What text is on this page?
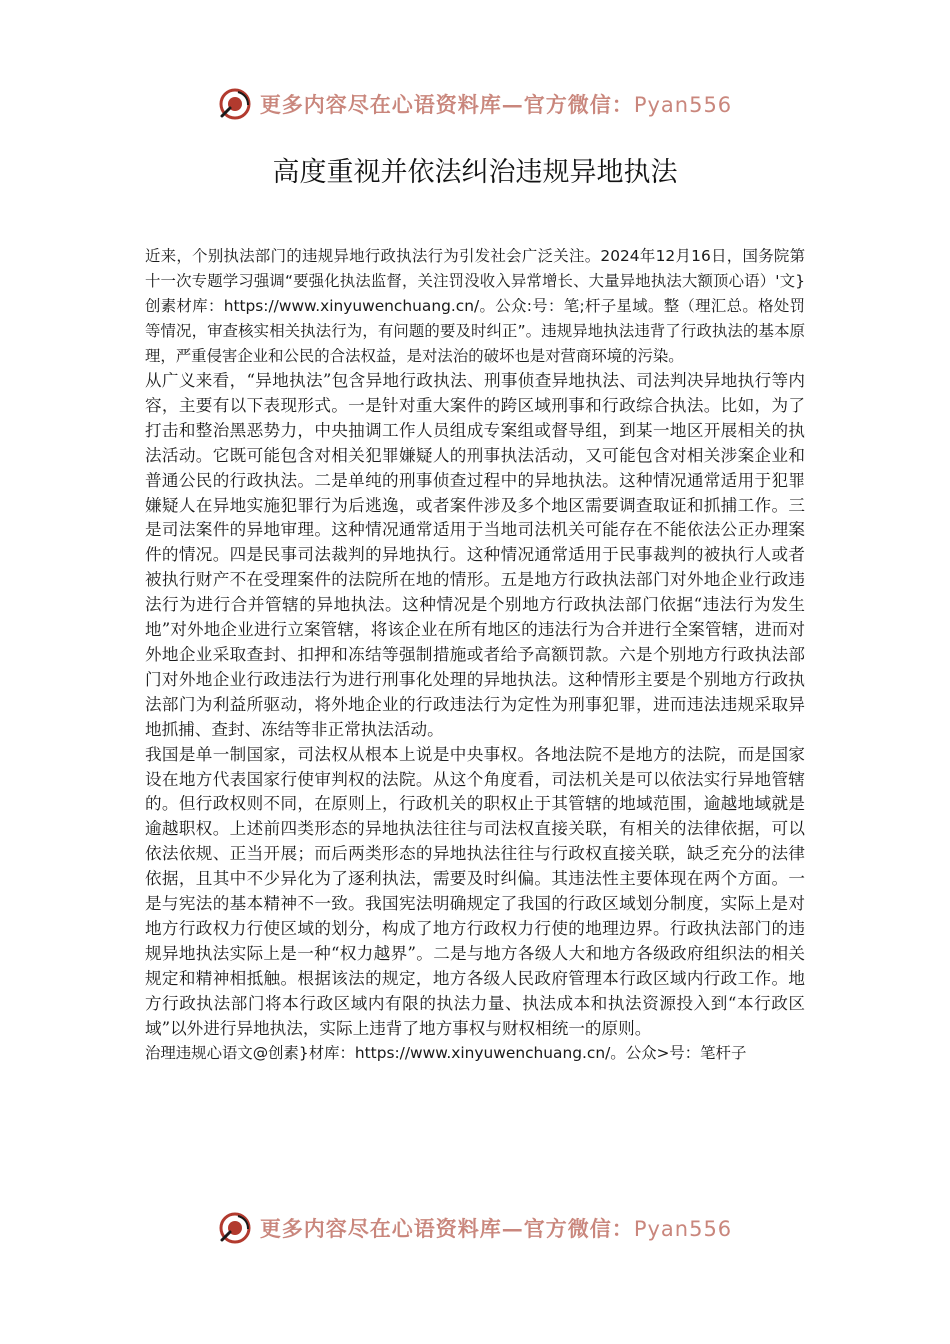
更多内容尽在心语资料库—官方微信：Pyan556
高度重视并依法纠治违规异地执法

近来，个别执法部门的违规异地行政执法行为引发社会广泛关注。2024年12月16日，国务院第十一次专题学习强调“要强化执法监督，关注罚没收入异常增长、大量异地执法大额顶心语）'文}创素材库：https://www.xinyuwenchuang.cn/。公众:号：笔;杆子星域。整（理汇总。格处罚等情况，审查核实相关执法行为，有问题的要及时纠正”。违规异地执法违背了行政执法的基本原理，严重侵害企业和公民的合法权益，是对法治的破坏也是对营商环境的污染。

从广义来看，“异地执法”包含异地行政执法、刑事侦查异地执法、司法判决异地执行等内容，主要有以下表现形式。一是针对重大案件的跨区域刑事和行政综合执法。比如，为了打击和整治黑恶势力，中央抽调工作人员组成专案组或督导组，到某一地区开展相关的执法活动。它既可能包含对相关犯罪嫌疑人的刑事执法活动，又可能包含对相关涉案企业和普通公民的行政执法。二是单纯的刑事侦查过程中的异地执法。这种情况通常适用于犯罪嫌疑人在异地实施犯罪行为后逃逸，或者案件涉及多个地区需要调查取证和抓捕工作。三是司法案件的异地审理。这种情况通常适用于当地司法机关可能存在不能依法公正办理案件的情况。四是民事司法裁判的异地执行。这种情况通常适用于民事裁判的被执行人或者被执行财产不在受理案件的法院所在地的情形。五是地方行政执法部门对外地企业行政违法行为进行合并管辖的异地执法。这种情况是个别地方行政执法部门依据“违法行为发生地”对外地企业进行立案管辖，将该企业在所有地区的违法行为合并进行全案管辖，进而对外地企业采取查封、扣押和冻结等强制措施或者给予高额罚款。六是个别地方行政执法部门对外地企业行政违法行为进行刑事化处理的异地执法。这种情形主要是个别地方行政执法部门为利益所驱动，将外地企业的行政违法行为定性为刑事犯罪，进而违法违规采取异地抓捕、查封、冻结等非正常执法活动。

我国是单一制国家，司法权从根本上说是中央事权。各地法院不是地方的法院，而是国家设在地方代表国家行使审判权的法院。从这个角度看，司法机关是可以依法实行异地管辖的。但行政权则不同，在原则上，行政机关的职权止于其管辖的地域范围，逾越地域就是逾越职权。上述前四类形态的异地执法往往与司法权直接关联，有相关的法律依据，可以依法依规、正当开展；而后两类形态的异地执法往往与行政权直接关联，缺乏充分的法律依据，且其中不少异化为了逐利执法，需要及时纠偏。其违法性主要体现在两个方面。一是与宪法的基本精神不一致。我国宪法明确规定了我国的行政区域划分制度，实际上是对地方行政权力行使区域的划分，构成了地方行政权力行使的地理边界。行政执法部门的违规异地执法实际上是一种“权力越界”。二是与地方各级人大和地方各级政府组织法的相关规定和精神相抵触。根据该法的规定，地方各级人民政府管理本行政区域内行政工作。地方行政执法部门将本行政区域内有限的执法力量、执法成本和执法资源投入到“本行政区域”以外进行异地执法，实际上违背了地方事权与财权相统一的原则。

治理违规心语文@创素}材库：https://www.xinyuwenchuang.cn/。公众>号：笔杆子

更多内容尽在心语资料库—官方微信：Pyan556
